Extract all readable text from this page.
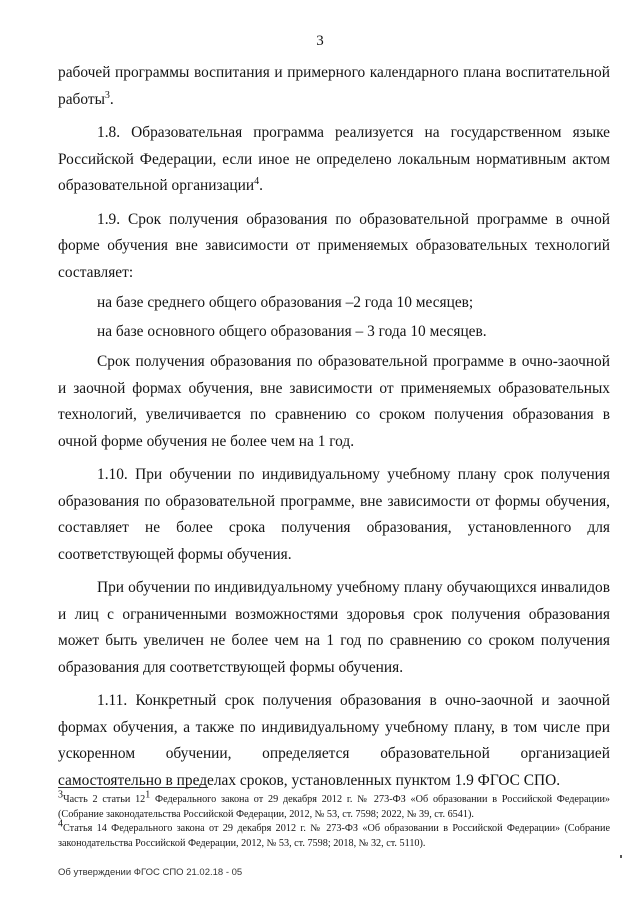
3

рабочей программы воспитания и примерного календарного плана воспитательной работы$^3$.

1.8. Образовательная программа реализуется на государственном языке Российской Федерации, если иное не определено локальным нормативным актом образовательной организации$^4$.

1.9. Срок получения образования по образовательной программе в очной форме обучения вне зависимости от применяемых образовательных технологий составляет:

на базе среднего общего образования –2 года 10 месяцев;

на базе основного общего образования – 3 года 10 месяцев.

Срок получения образования по образовательной программе в очно-заочной и заочной формах обучения, вне зависимости от применяемых образовательных технологий, увеличивается по сравнению со сроком получения образования в очной форме обучения не более чем на 1 год.

1.10. При обучении по индивидуальному учебному плану срок получения образования по образовательной программе, вне зависимости от формы обучения, составляет не более срока получения образования, установленного для соответствующей формы обучения.

При обучении по индивидуальному учебному плану обучающихся инвалидов и лиц с ограниченными возможностями здоровья срок получения образования может быть увеличен не более чем на 1 год по сравнению со сроком получения образования для соответствующей формы обучения.

1.11. Конкретный срок получения образования в очно-заочной и заочной формах обучения, а также по индивидуальному учебному плану, в том числе при ускоренном обучении, определяется образовательной организацией самостоятельно в пределах сроков, установленных пунктом 1.9 ФГОС СПО.

$^3$Часть 2 статьи $12^1$ Федерального закона от 29 декабря 2012 г. № 273-ФЗ «Об образовании в Российской Федерации» (Собрание законодательства Российской Федерации, 2012, № 53, ст. 7598; 2022, № 39, ст. 6541).

$^4$Статья 14 Федерального закона от 29 декабря 2012 г. № 273-ФЗ «Об образовании в Российской Федерации» (Собрание законодательства Российской Федерации, 2012, № 53, ст. 7598; 2018, № 32, ст. 5110).

Об утверждении ФГОС СПО 21.02.18 - 05
